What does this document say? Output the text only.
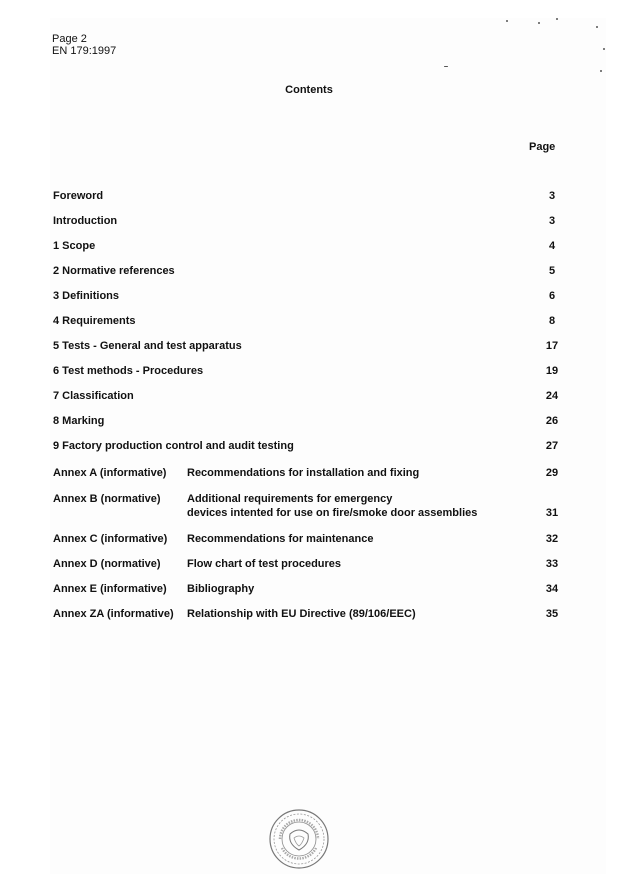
Page 2
EN 179:1997
Contents
Page
Foreword	3
Introduction	3
1 Scope	4
2 Normative references	5
3 Definitions	6
4 Requirements	8
5 Tests - General and test apparatus	17
6 Test methods - Procedures	19
7 Classification	24
8 Marking	26
9 Factory production control and audit testing	27
Annex A (informative) Recommendations for installation and fixing	29
Annex B (normative) Additional requirements for emergency
devices intented for use on fire/smoke door assemblies	31
Annex C (informative) Recommendations for maintenance	32
Annex D (normative) Flow chart of test procedures	33
Annex E (informative) Bibliography	34
Annex ZA (informative) Relationship with EU Directive (89/106/EEC)	35
